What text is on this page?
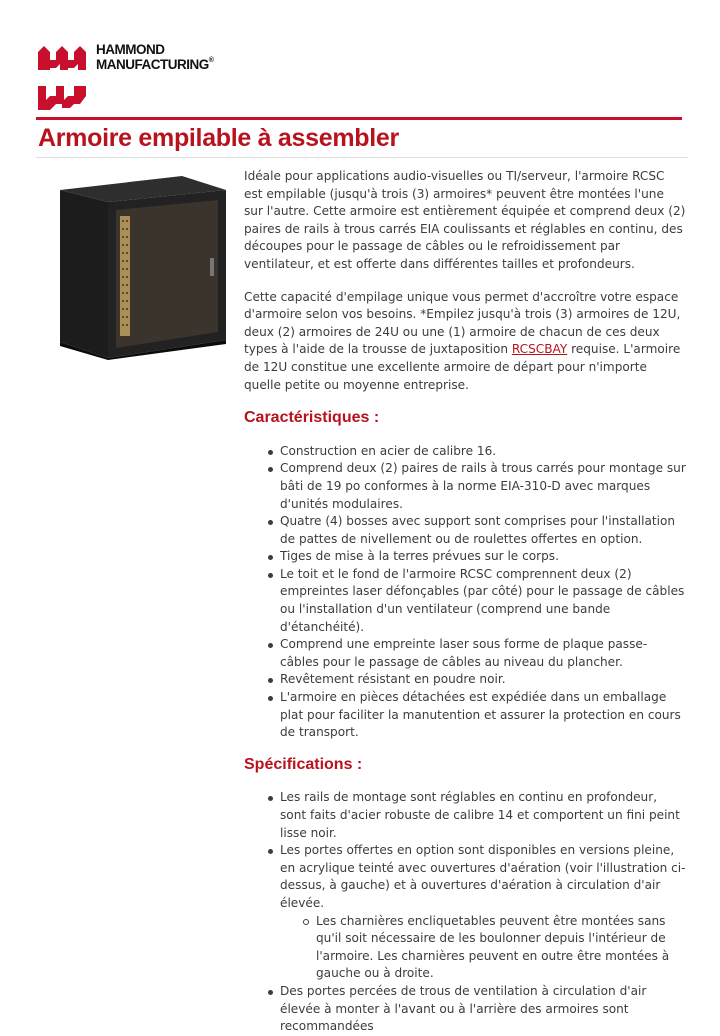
HAMMOND
MANUFACTURING®
Armoire empilable à assembler

Idéale pour applications audio-visuelles ou TI/serveur, l'armoire RCSC est empilable (jusqu'à trois (3) armoires* peuvent être montées l'une sur l'autre. Cette armoire est entièrement équipée et comprend deux (2) paires de rails à trous carrés EIA coulissants et réglables en continu, des découpes pour le passage de câbles ou le refroidissement par ventilateur, et est offerte dans différentes tailles et profondeurs.

Cette capacité d'empilage unique vous permet d'accroître votre espace d'armoire selon vos besoins. *Empilez jusqu'à trois (3) armoires de 12U, deux (2) armoires de 24U ou une (1) armoire de chacun de ces deux types à l'aide de la trousse de juxtaposition RCSCBAY requise. L'armoire de 12U constitue une excellente armoire de départ pour n'importe quelle petite ou moyenne entreprise.

Caractéristiques :
Construction en acier de calibre 16.
Comprend deux (2) paires de rails à trous carrés pour montage sur bâti de 19 po conformes à la norme EIA-310-D avec marques d'unités modulaires.
Quatre (4) bosses avec support sont comprises pour l'installation de pattes de nivellement ou de roulettes offertes en option.
Tiges de mise à la terres prévues sur le corps.
Le toit et le fond de l'armoire RCSC comprennent deux (2) empreintes laser défonçables (par côté) pour le passage de câbles ou l'installation d'un ventilateur (comprend une bande d'étanchéité).
Comprend une empreinte laser sous forme de plaque passe-câbles pour le passage de câbles au niveau du plancher.
Revêtement résistant en poudre noir.
L'armoire en pièces détachées est expédiée dans un emballage plat pour faciliter la manutention et assurer la protection en cours de transport.
Spécifications :
Les rails de montage sont réglables en continu en profondeur, sont faits d'acier robuste de calibre 14 et comportent un fini peint lisse noir.
Les portes offertes en option sont disponibles en versions pleine, en acrylique teinté avec ouvertures d'aération (voir l'illustration ci-dessus, à gauche) et à ouvertures d'aération à circulation d'air élevée.
Les charnières encliquetables peuvent être montées sans qu'il soit nécessaire de les boulonner depuis l'intérieur de l'armoire. Les charnières peuvent en outre être montées à gauche ou à droite.
Des portes percées de trous de ventilation à circulation d'air élevée à monter à l'avant ou à l'arrière des armoires sont recommandées
